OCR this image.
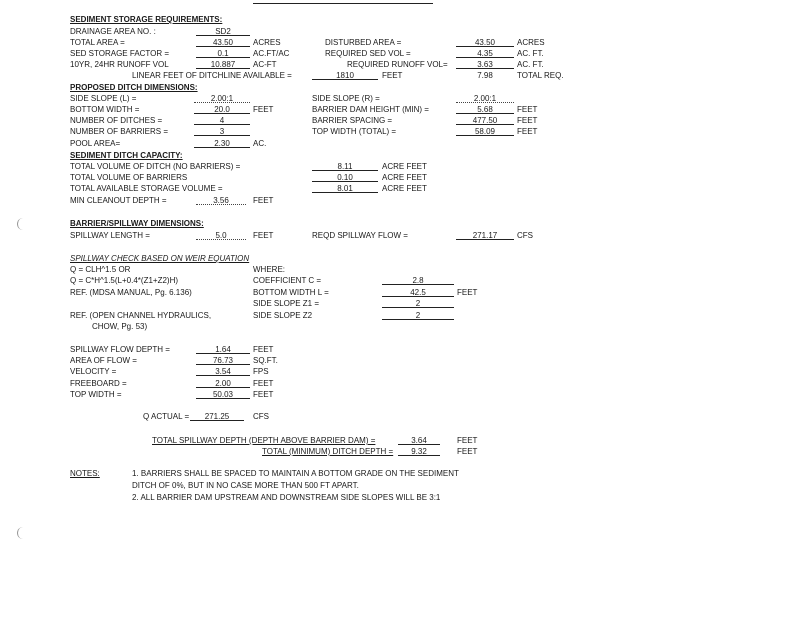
SEDIMENT STORAGE REQUIREMENTS:
DRAINAGE AREA NO. :	SD2
TOTAL AREA =	43.50	ACRES	DISTURBED AREA =	43.50	ACRES
SED STORAGE FACTOR =	0.1	AC.FT/AC	REQUIRED SED VOL =	4.35	AC. FT.
10YR, 24HR RUNOFF VOL	10.887	AC-FT	REQUIRED RUNOFF VOL=	3.63	AC. FT.
LINEAR FEET OF DITCHLINE AVAILABLE =	1810	FEET	7.98	TOTAL REQ.
PROPOSED DITCH DIMENSIONS:
SIDE SLOPE (L) =	2.00:1	SIDE SLOPE (R) =	2.00:1
BOTTOM WIDTH =	20.0	FEET	BARRIER DAM HEIGHT (MIN) =	5.68	FEET
NUMBER OF DITCHES =	4	BARRIER SPACING =	477.50	FEET
NUMBER OF BARRIERS =	3	TOP WIDTH (TOTAL) =	58.09	FEET
POOL AREA=	2.30	AC.
SEDIMENT DITCH CAPACITY:
TOTAL VOLUME OF DITCH (NO BARRIERS) =	8.11	ACRE FEET
TOTAL VOLUME OF BARRIERS	0.10	ACRE FEET
TOTAL AVAILABLE STORAGE VOLUME =	8.01	ACRE FEET
MIN CLEANOUT DEPTH =	3.56	FEET
BARRIER/SPILLWAY DIMENSIONS:
SPILLWAY LENGTH =	5.0	FEET	REQD SPILLWAY FLOW =	271.17	CFS
SPILLWAY CHECK BASED ON WEIR EQUATION
Q = CLH^1.5 OR
Q = C*H^1.5(L+0.4*(Z1+Z2)H)
REF. (MDSA MANUAL, Pg. 6.136)
REF. (OPEN CHANNEL HYDRAULICS,
CHOW, Pg. 53)
WHERE:
COEFFICIENT C =	2.8
BOTTOM WIDTH L =	42.5	FEET
SIDE SLOPE Z1 =	2
SIDE SLOPE Z2	2
SPILLWAY FLOW DEPTH =	1.64	FEET
AREA OF FLOW =	76.73	SQ.FT.
VELOCITY =	3.54	FPS
FREEBOARD =	2.00	FEET
TOP WIDTH =	50.03	FEET
Q ACTUAL =	271.25	CFS
TOTAL SPILLWAY DEPTH (DEPTH ABOVE BARRIER DAM) =	3.64	FEET
TOTAL (MINIMUM) DITCH DEPTH =	9.32	FEET
NOTES:	1. BARRIERS SHALL BE SPACED TO MAINTAIN A BOTTOM GRADE ON THE SEDIMENT
DITCH OF 0%, BUT IN NO CASE MORE THAN 500 FT APART.
2. ALL BARRIER DAM UPSTREAM AND DOWNSTREAM SIDE SLOPES WILL BE 3:1
